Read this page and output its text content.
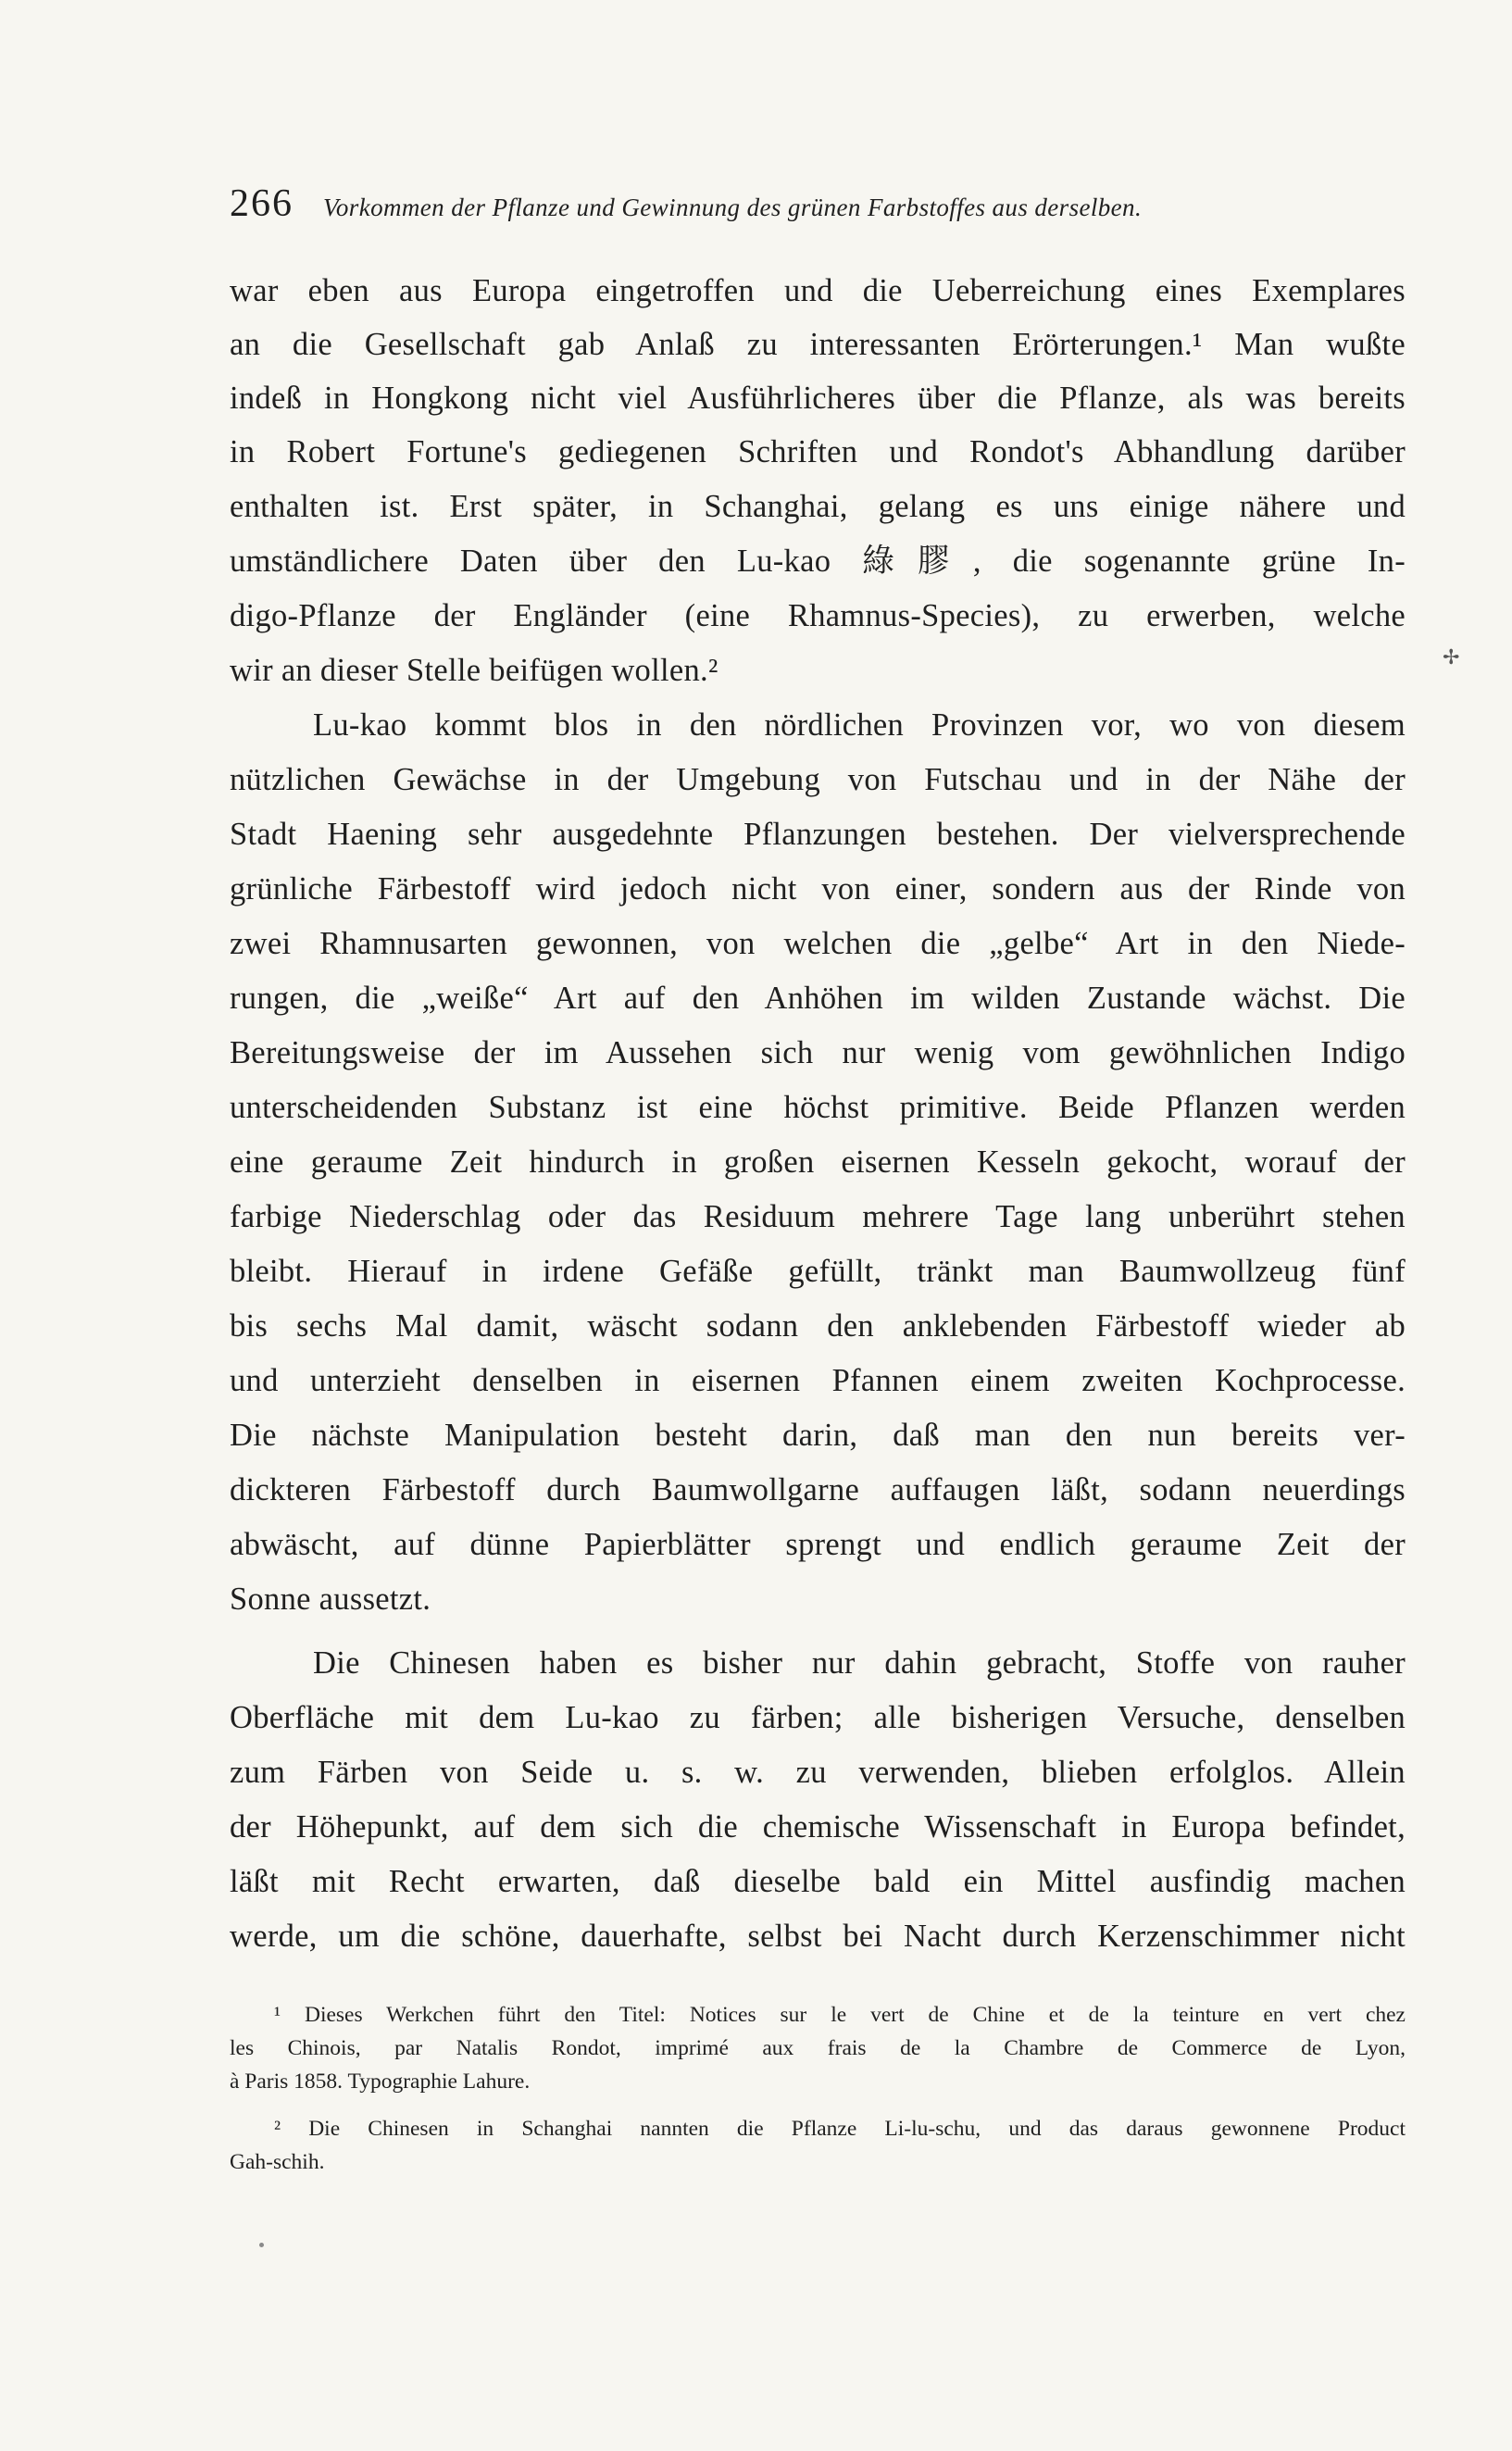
266 Vorkommen der Pflanze und Gewinnung des grünen Farbstoffes aus derselben.
war eben aus Europa eingetroffen und die Ueberreichung eines Exemplares
an die Gesellschaft gab Anlaß zu interessanten Erörterungen.¹ Man wußte
indeß in Hongkong nicht viel Ausführlicheres über die Pflanze, als was bereits
in Robert Fortune's gediegenen Schriften und Rondot's Abhandlung darüber
enthalten ist. Erst später, in Schanghai, gelang es uns einige nähere und
umständlichere Daten über den Lu-kao 綠膠, die sogenannte grüne In-
digo-Pflanze der Engländer (eine Rhamnus-Species), zu erwerben, welche
wir an dieser Stelle beifügen wollen.²
Lu-kao kommt blos in den nördlichen Provinzen vor, wo von diesem
nützlichen Gewächse in der Umgebung von Futschau und in der Nähe der
Stadt Haening sehr ausgedehnte Pflanzungen bestehen. Der vielversprechende
grünliche Färbestoff wird jedoch nicht von einer, sondern aus der Rinde von
zwei Rhamnusarten gewonnen, von welchen die „gelbe“ Art in den Niede-
rungen, die „weiße“ Art auf den Anhöhen im wilden Zustande wächst. Die
Bereitungsweise der im Aussehen sich nur wenig vom gewöhnlichen Indigo
unterscheidenden Substanz ist eine höchst primitive. Beide Pflanzen werden
eine geraume Zeit hindurch in großen eisernen Kesseln gekocht, worauf der
farbige Niederschlag oder das Residuum mehrere Tage lang unberührt stehen
bleibt. Hierauf in irdene Gefäße gefüllt, tränkt man Baumwollzeug fünf
bis sechs Mal damit, wäscht sodann den anklebenden Färbestoff wieder ab
und unterzieht denselben in eisernen Pfannen einem zweiten Kochprocesse.
Die nächste Manipulation besteht darin, daß man den nun bereits ver-
dickteren Färbestoff durch Baumwollgarne auffaugen läßt, sodann neuerdings
abwäscht, auf dünne Papierblätter sprengt und endlich geraume Zeit der
Sonne aussetzt.
Die Chinesen haben es bisher nur dahin gebracht, Stoffe von rauher
Oberfläche mit dem Lu-kao zu färben; alle bisherigen Versuche, denselben
zum Färben von Seide u. s. w. zu verwenden, blieben erfolglos. Allein
der Höhepunkt, auf dem sich die chemische Wissenschaft in Europa befindet,
läßt mit Recht erwarten, daß dieselbe bald ein Mittel ausfindig machen
werde, um die schöne, dauerhafte, selbst bei Nacht durch Kerzenschimmer nicht
✢
¹ Dieses Werkchen führt den Titel: Notices sur le vert de Chine et de la teinture en vert chez
les Chinois, par Natalis Rondot, imprimé aux frais de la Chambre de Commerce de Lyon,
à Paris 1858. Typographie Lahure.
² Die Chinesen in Schanghai nannten die Pflanze Li-lu-schu, und das daraus gewonnene Product
Gah-schih.
